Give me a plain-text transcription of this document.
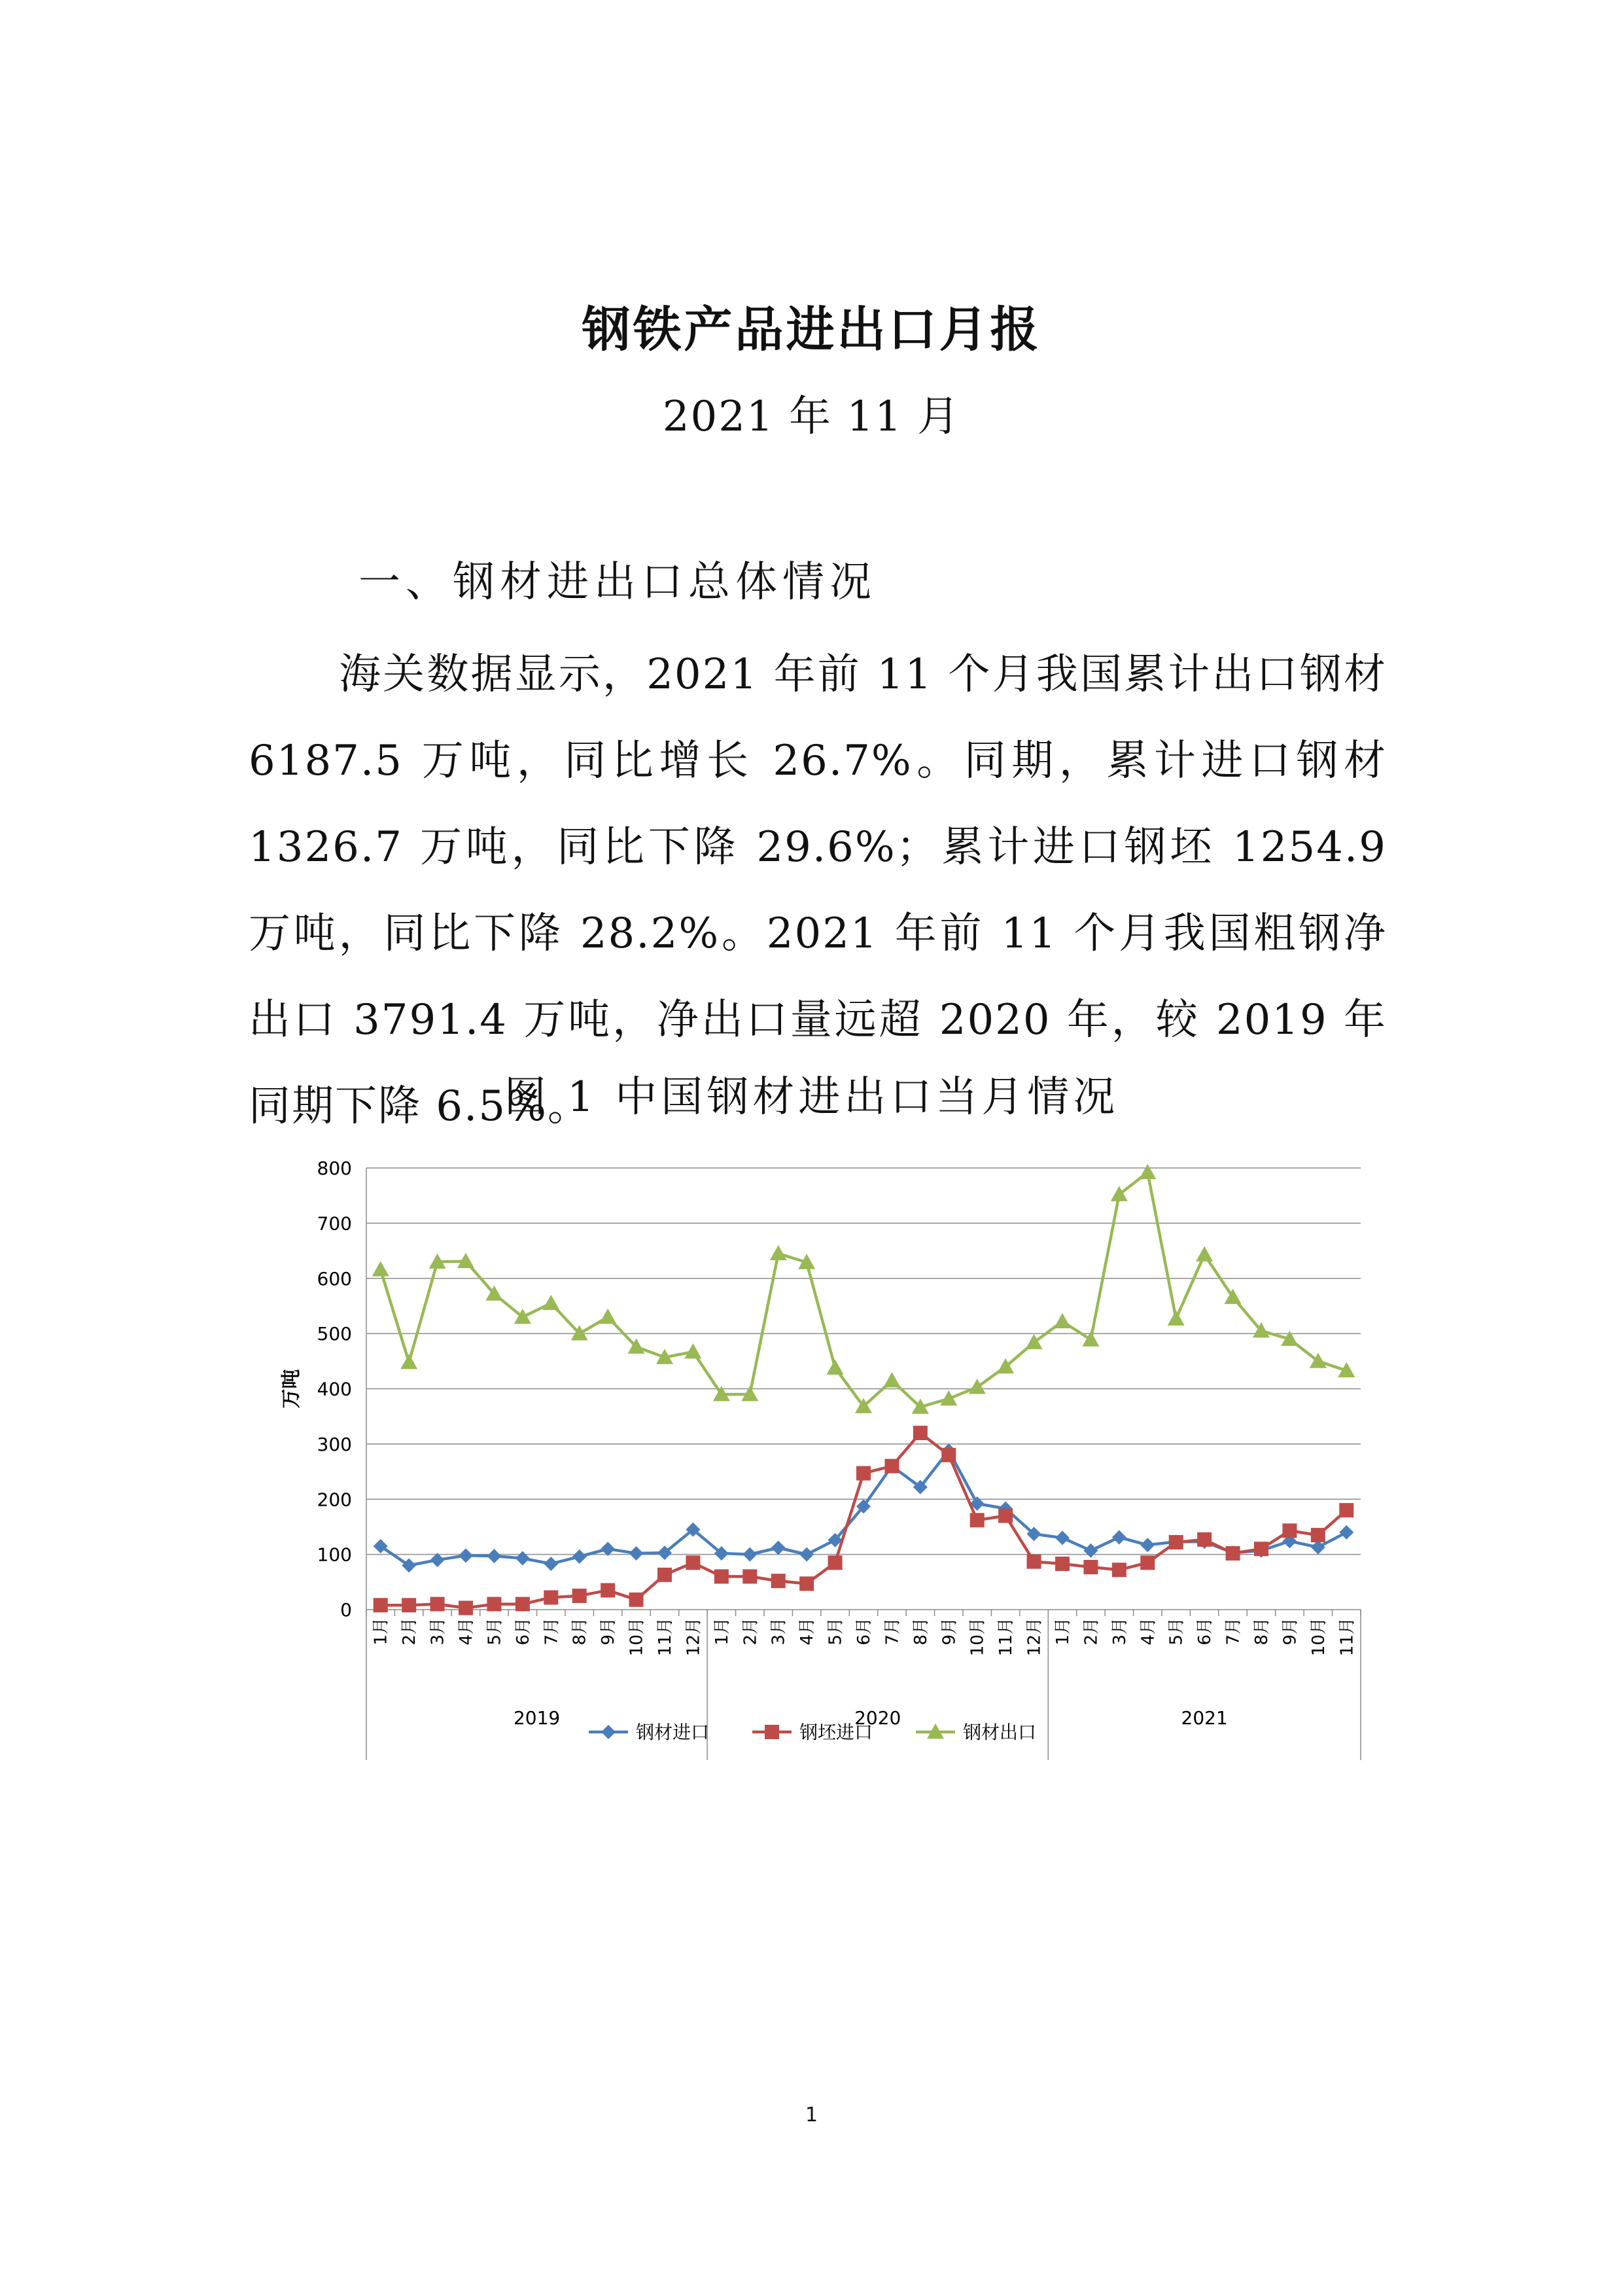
钢铁产品进出口月报
2021 年 11 月
一、钢材进出口总体情况
海关数据显示，2021 年前 11 个月我国累计出口钢材 6187.5 万吨，同比增长 26.7%。同期，累计进口钢材 1326.7 万吨，同比下降 29.6%；累计进口钢坯 1254.9 万吨，同比下降 28.2%。2021 年前 11 个月我国粗钢净出口 3791.4 万吨，净出口量远超 2020 年，较 2019 年同期下降 6.5%。
图 1 中国钢材进出口当月情况
0
100
200
300
400
500
600
700
800
万吨
1月 2月 3月 4月 5月 6月 7月 8月 9月 10月 11月 12月 1月 2月 3月 4月 5月 6月 7月 8月 9月 10月 11月 12月 1月 2月 3月 4月 5月 6月 7月 8月 9月 10月 11月
2019	2020	2021
钢材进口	钢坯进口	钢材出口
1
